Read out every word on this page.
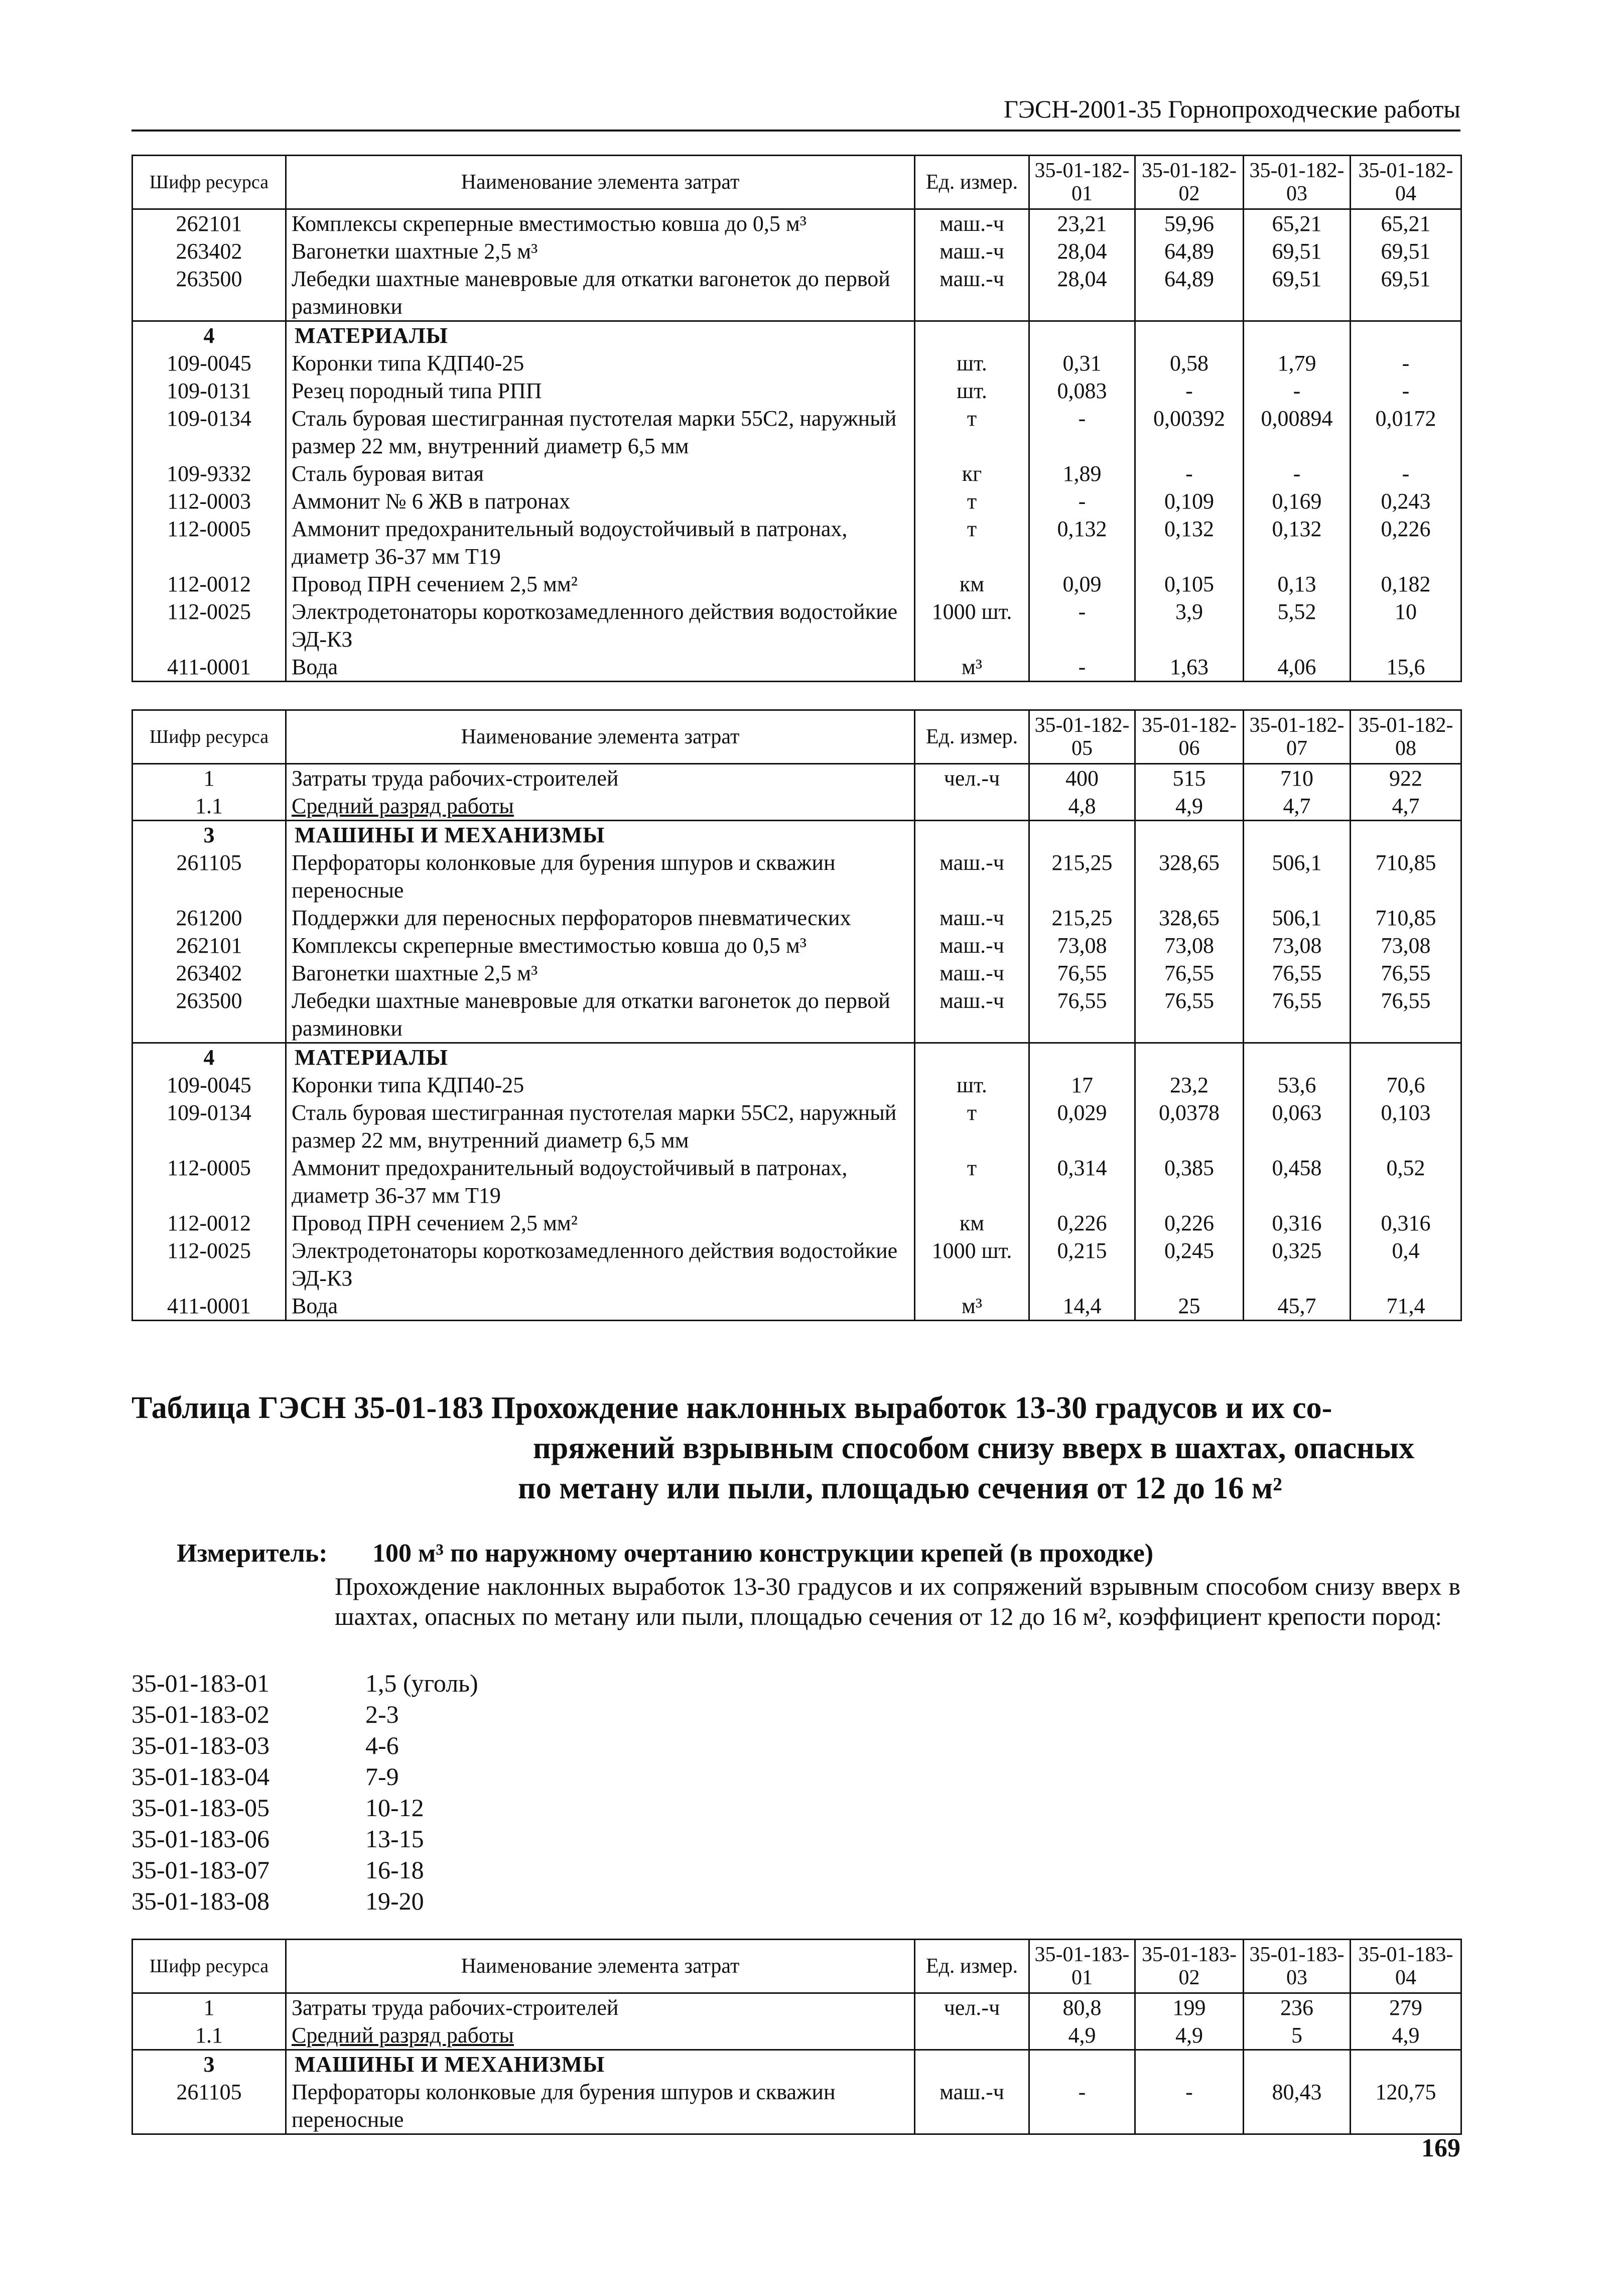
ГЭСН-2001-35 Горнопроходческие работы
Шифр ресурса	Наименование элемента затрат	Ед. измер.	35-01-182-01	35-01-182-02	35-01-182-03	35-01-182-04
262101	Комплексы скреперные вместимостью ковша до 0,5 м³	маш.-ч	23,21	59,96	65,21	65,21
263402	Вагонетки шахтные 2,5 м³	маш.-ч	28,04	64,89	69,51	69,51
263500	Лебедки шахтные маневровые для откатки вагонеток до первой разминовки	маш.-ч	28,04	64,89	69,51	69,51
4	МАТЕРИАЛЫ					
109-0045	Коронки типа КДП40-25	шт.	0,31	0,58	1,79	-
109-0131	Резец породный типа РПП	шт.	0,083	-	-	-
109-0134	Сталь буровая шестигранная пустотелая марки 55С2, наружный размер 22 мм, внутренний диаметр 6,5 мм	т	-	0,00392	0,00894	0,0172
109-9332	Сталь буровая витая	кг	1,89	-	-	-
112-0003	Аммонит № 6 ЖВ в патронах	т	-	0,109	0,169	0,243
112-0005	Аммонит предохранительный водоустойчивый в патронах, диаметр 36-37 мм Т19	т	0,132	0,132	0,132	0,226
112-0012	Провод ПРН сечением 2,5 мм²	км	0,09	0,105	0,13	0,182
112-0025	Электродетонаторы короткозамедленного действия водостойкие ЭД-КЗ	1000 шт.	-	3,9	5,52	10
411-0001	Вода	м³	-	1,63	4,06	15,6
Шифр ресурса	Наименование элемента затрат	Ед. измер.	35-01-182-05	35-01-182-06	35-01-182-07	35-01-182-08
1	Затраты труда рабочих-строителей	чел.-ч	400	515	710	922
1.1	Средний разряд работы		4,8	4,9	4,7	4,7
3	МАШИНЫ И МЕХАНИЗМЫ					
261105	Перфораторы колонковые для бурения шпуров и скважин переносные	маш.-ч	215,25	328,65	506,1	710,85
261200	Поддержки для переносных перфораторов пневматических	маш.-ч	215,25	328,65	506,1	710,85
262101	Комплексы скреперные вместимостью ковша до 0,5 м³	маш.-ч	73,08	73,08	73,08	73,08
263402	Вагонетки шахтные 2,5 м³	маш.-ч	76,55	76,55	76,55	76,55
263500	Лебедки шахтные маневровые для откатки вагонеток до первой разминовки	маш.-ч	76,55	76,55	76,55	76,55
4	МАТЕРИАЛЫ					
109-0045	Коронки типа КДП40-25	шт.	17	23,2	53,6	70,6
109-0134	Сталь буровая шестигранная пустотелая марки 55С2, наружный размер 22 мм, внутренний диаметр 6,5 мм	т	0,029	0,0378	0,063	0,103
112-0005	Аммонит предохранительный водоустойчивый в патронах, диаметр 36-37 мм Т19	т	0,314	0,385	0,458	0,52
112-0012	Провод ПРН сечением 2,5 мм²	км	0,226	0,226	0,316	0,316
112-0025	Электродетонаторы короткозамедленного действия водостойкие ЭД-КЗ	1000 шт.	0,215	0,245	0,325	0,4
411-0001	Вода	м³	14,4	25	45,7	71,4
Таблица ГЭСН 35-01-183 Прохождение наклонных выработок 13-30 градусов и их со-
пряжений взрывным способом снизу вверх в шахтах, опасных
по метану или пыли, площадью сечения от 12 до 16 м²
Измеритель: 100 м³ по наружному очертанию конструкции крепей (в проходке)
Прохождение наклонных выработок 13-30 градусов и их сопряжений взрывным способом снизу вверх в шахтах, опасных по метану или пыли, площадью сечения от 12 до 16 м², коэффициент крепости пород:
35-01-183-01	1,5 (уголь)
35-01-183-02	2-3
35-01-183-03	4-6
35-01-183-04	7-9
35-01-183-05	10-12
35-01-183-06	13-15
35-01-183-07	16-18
35-01-183-08	19-20
Шифр ресурса	Наименование элемента затрат	Ед. измер.	35-01-183-01	35-01-183-02	35-01-183-03	35-01-183-04
1	Затраты труда рабочих-строителей	чел.-ч	80,8	199	236	279
1.1	Средний разряд работы		4,9	4,9	5	4,9
3	МАШИНЫ И МЕХАНИЗМЫ					
261105	Перфораторы колонковые для бурения шпуров и скважин переносные	маш.-ч	-	-	80,43	120,75
169
